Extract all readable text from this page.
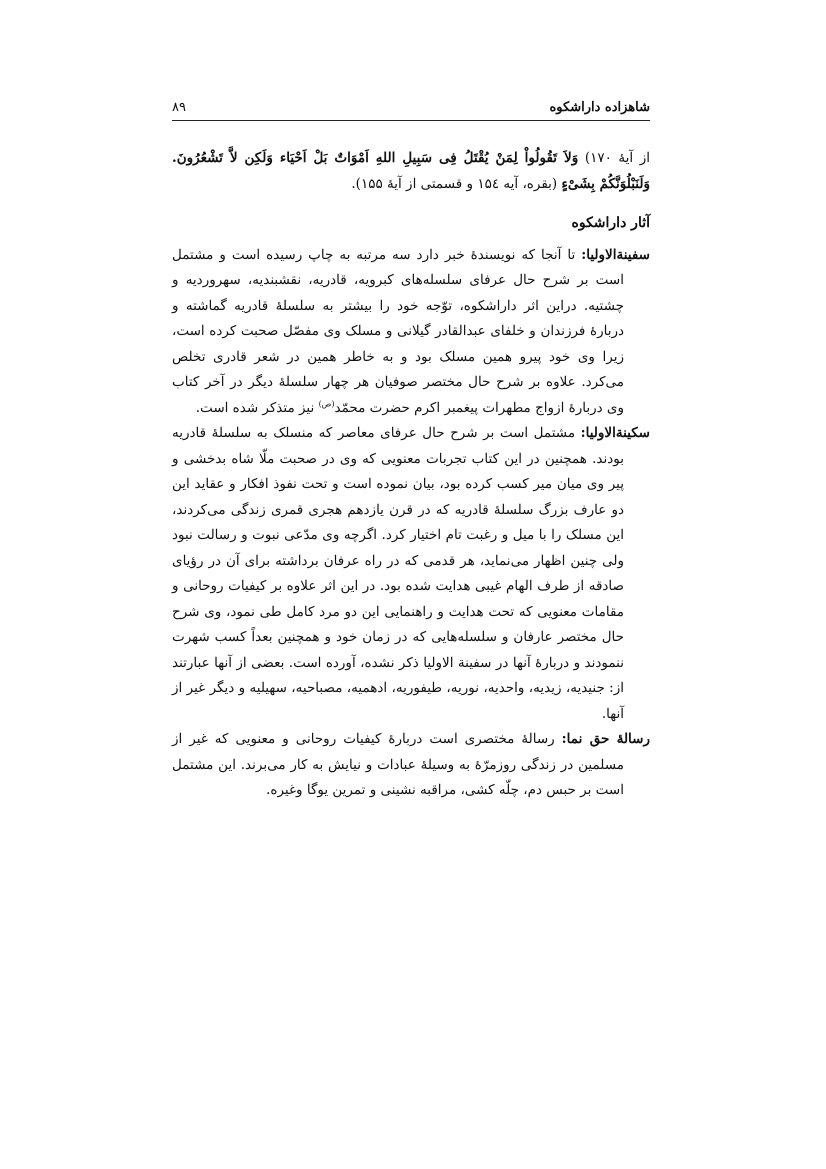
شاهزاده داراشکوه
۸۹

از آیهٔ ۱۷۰) وَلاَ تَقُولُواْ لِمَنْ يُقْتَلُ فِى سَبِيلِ اللهِ اَمْوَاتٌ بَلْ اَحْيَاء وَلَكِن لاَّ تَشْعُرُونَ. وَلَنَبْلُوَنَّكُمْ بِشَىْءٍ (بقره، آیه ۱۵٤ و قسمتی از آیهٔ ۱۵۵).

آثار داراشکوه

سفینةالاولیا: تا آنجا که نویسندهٔ خبر دارد سه مرتبه به چاپ رسیده است و مشتمل است بر شرح حال عرفای سلسله‌های کبرویه، قادریه، نقشبندیه، سهروردیه و چشتیه. دراین اثر داراشکوه، توّجه خود را بیشتر به سلسلهٔ قادریه گماشته و دربارهٔ فرزندان و خلفای عبدالقادر گیلانی و مسلک وی مفصّل صحبت کرده است، زیرا وی خود پیرو همین مسلک بود و به خاطر همین در شعر قادری تخلص می‌کرد. علاوه بر شرح حال مختصر صوفیان هر چهار سلسلهٔ دیگر در آخر کتاب وی دربارهٔ ازواج مطهرات پیغمبر اکرم حضرت محمّد$^{(ص)}$ نیز متذکر شده است.

سکینةالاولیا: مشتمل است بر شرح حال عرفای معاصر که منسلک به سلسلهٔ قادریه بودند. همچنین در این کتاب تجربات معنویی که وی در صحبت ملّا شاه بدخشی و پیر وی میان میر کسب کرده بود، بیان نموده است و تحت نفوذ افکار و عقاید این دو عارف بزرگ سلسلهٔ قادریه که در قرن یازدهم هجری قمری زندگی می‌کردند، این مسلک را با میل و رغبت تام اختیار کرد. اگرچه وی مدّعی نبوت و رسالت نبود ولی چنین اظهار می‌نماید، هر قدمی که در راه عرفان برداشته برای آن در رؤیای صادقه از طرف الهام غیبی هدایت شده بود. در این اثر علاوه بر کیفیات روحانی و مقامات معنویی که تحت هدایت و راهنمایی این دو مرد کامل طی نمود، وی شرح حال مختصر عارفان و سلسله‌هایی که در زمان خود و همچنین بعداً کسب شهرت ننمودند و دربارهٔ آنها در سفینة الاولیا ذکر نشده، آورده است. بعضی از آنها عبارتند از: جنیدیه، زیدیه، واحدیه، نوریه، طیفوریه، ادهمیه، مصباحیه، سهیلیه و دیگر غیر از آنها.

رسالهٔ حق نما: رسالهٔ مختصری است دربارهٔ کیفیات روحانی و معنویی که غیر از مسلمین در زندگی روزمرّهٔ به وسیلهٔ عبادات و نیایش به کار می‌برند. این مشتمل است بر حبس دم، چلّه کشی، مراقبه نشینی و تمرین یوگا وغیره.
